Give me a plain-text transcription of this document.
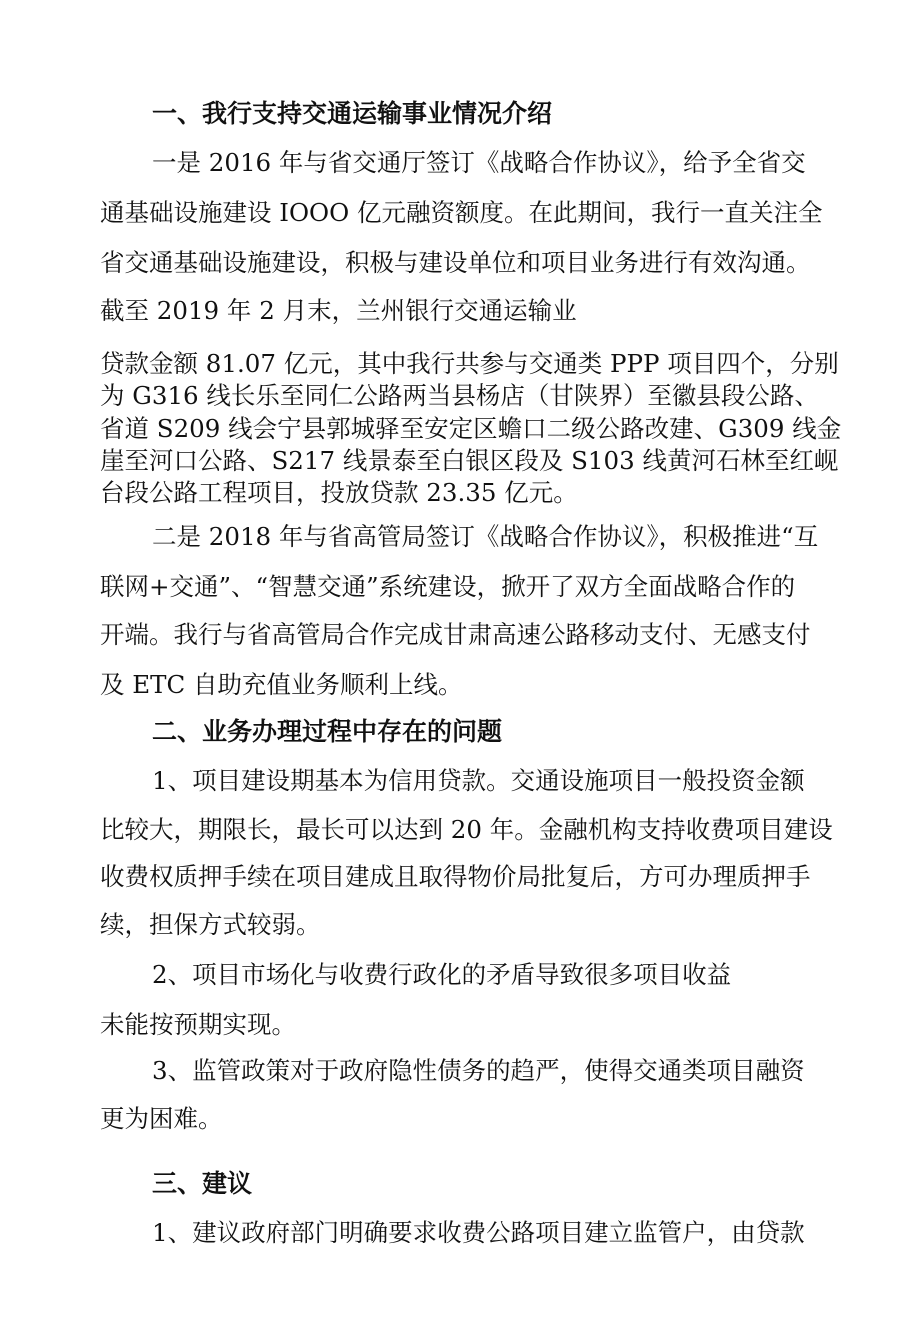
一、我行支持交通运输事业情况介绍
一是 2016 年与省交通厅签订《战略合作协议》，给予全省交
通基础设施建设 IOOO 亿元融资额度。在此期间，我行一直关注全
省交通基础设施建设，积极与建设单位和项目业务进行有效沟通。
截至 2019 年 2 月末，兰州银行交通运输业
贷款金额 81.07 亿元，其中我行共参与交通类 PPP 项目四个，分别
为 G316 线长乐至同仁公路两当县杨店（甘陕界）至徽县段公路、
省道 S209 线会宁县郭城驿至安定区蟾口二级公路改建、G309 线金
崖至河口公路、S217 线景泰至白银区段及 S103 线黄河石林至红岘
台段公路工程项目，投放贷款 23.35 亿元。
二是 2018 年与省高管局签订《战略合作协议》，积极推进“互
联网+交通”、“智慧交通”系统建设，掀开了双方全面战略合作的
开端。我行与省高管局合作完成甘肃高速公路移动支付、无感支付
及 ETC 自助充值业务顺利上线。
二、业务办理过程中存在的问题
1、项目建设期基本为信用贷款。交通设施项目一般投资金额
比较大，期限长，最长可以达到 20 年。金融机构支持收费项目建设
收费权质押手续在项目建成且取得物价局批复后，方可办理质押手
续，担保方式较弱。
2、项目市场化与收费行政化的矛盾导致很多项目收益
未能按预期实现。
3、监管政策对于政府隐性债务的趋严，使得交通类项目融资
更为困难。
三、建议
1、建议政府部门明确要求收费公路项目建立监管户，由贷款
